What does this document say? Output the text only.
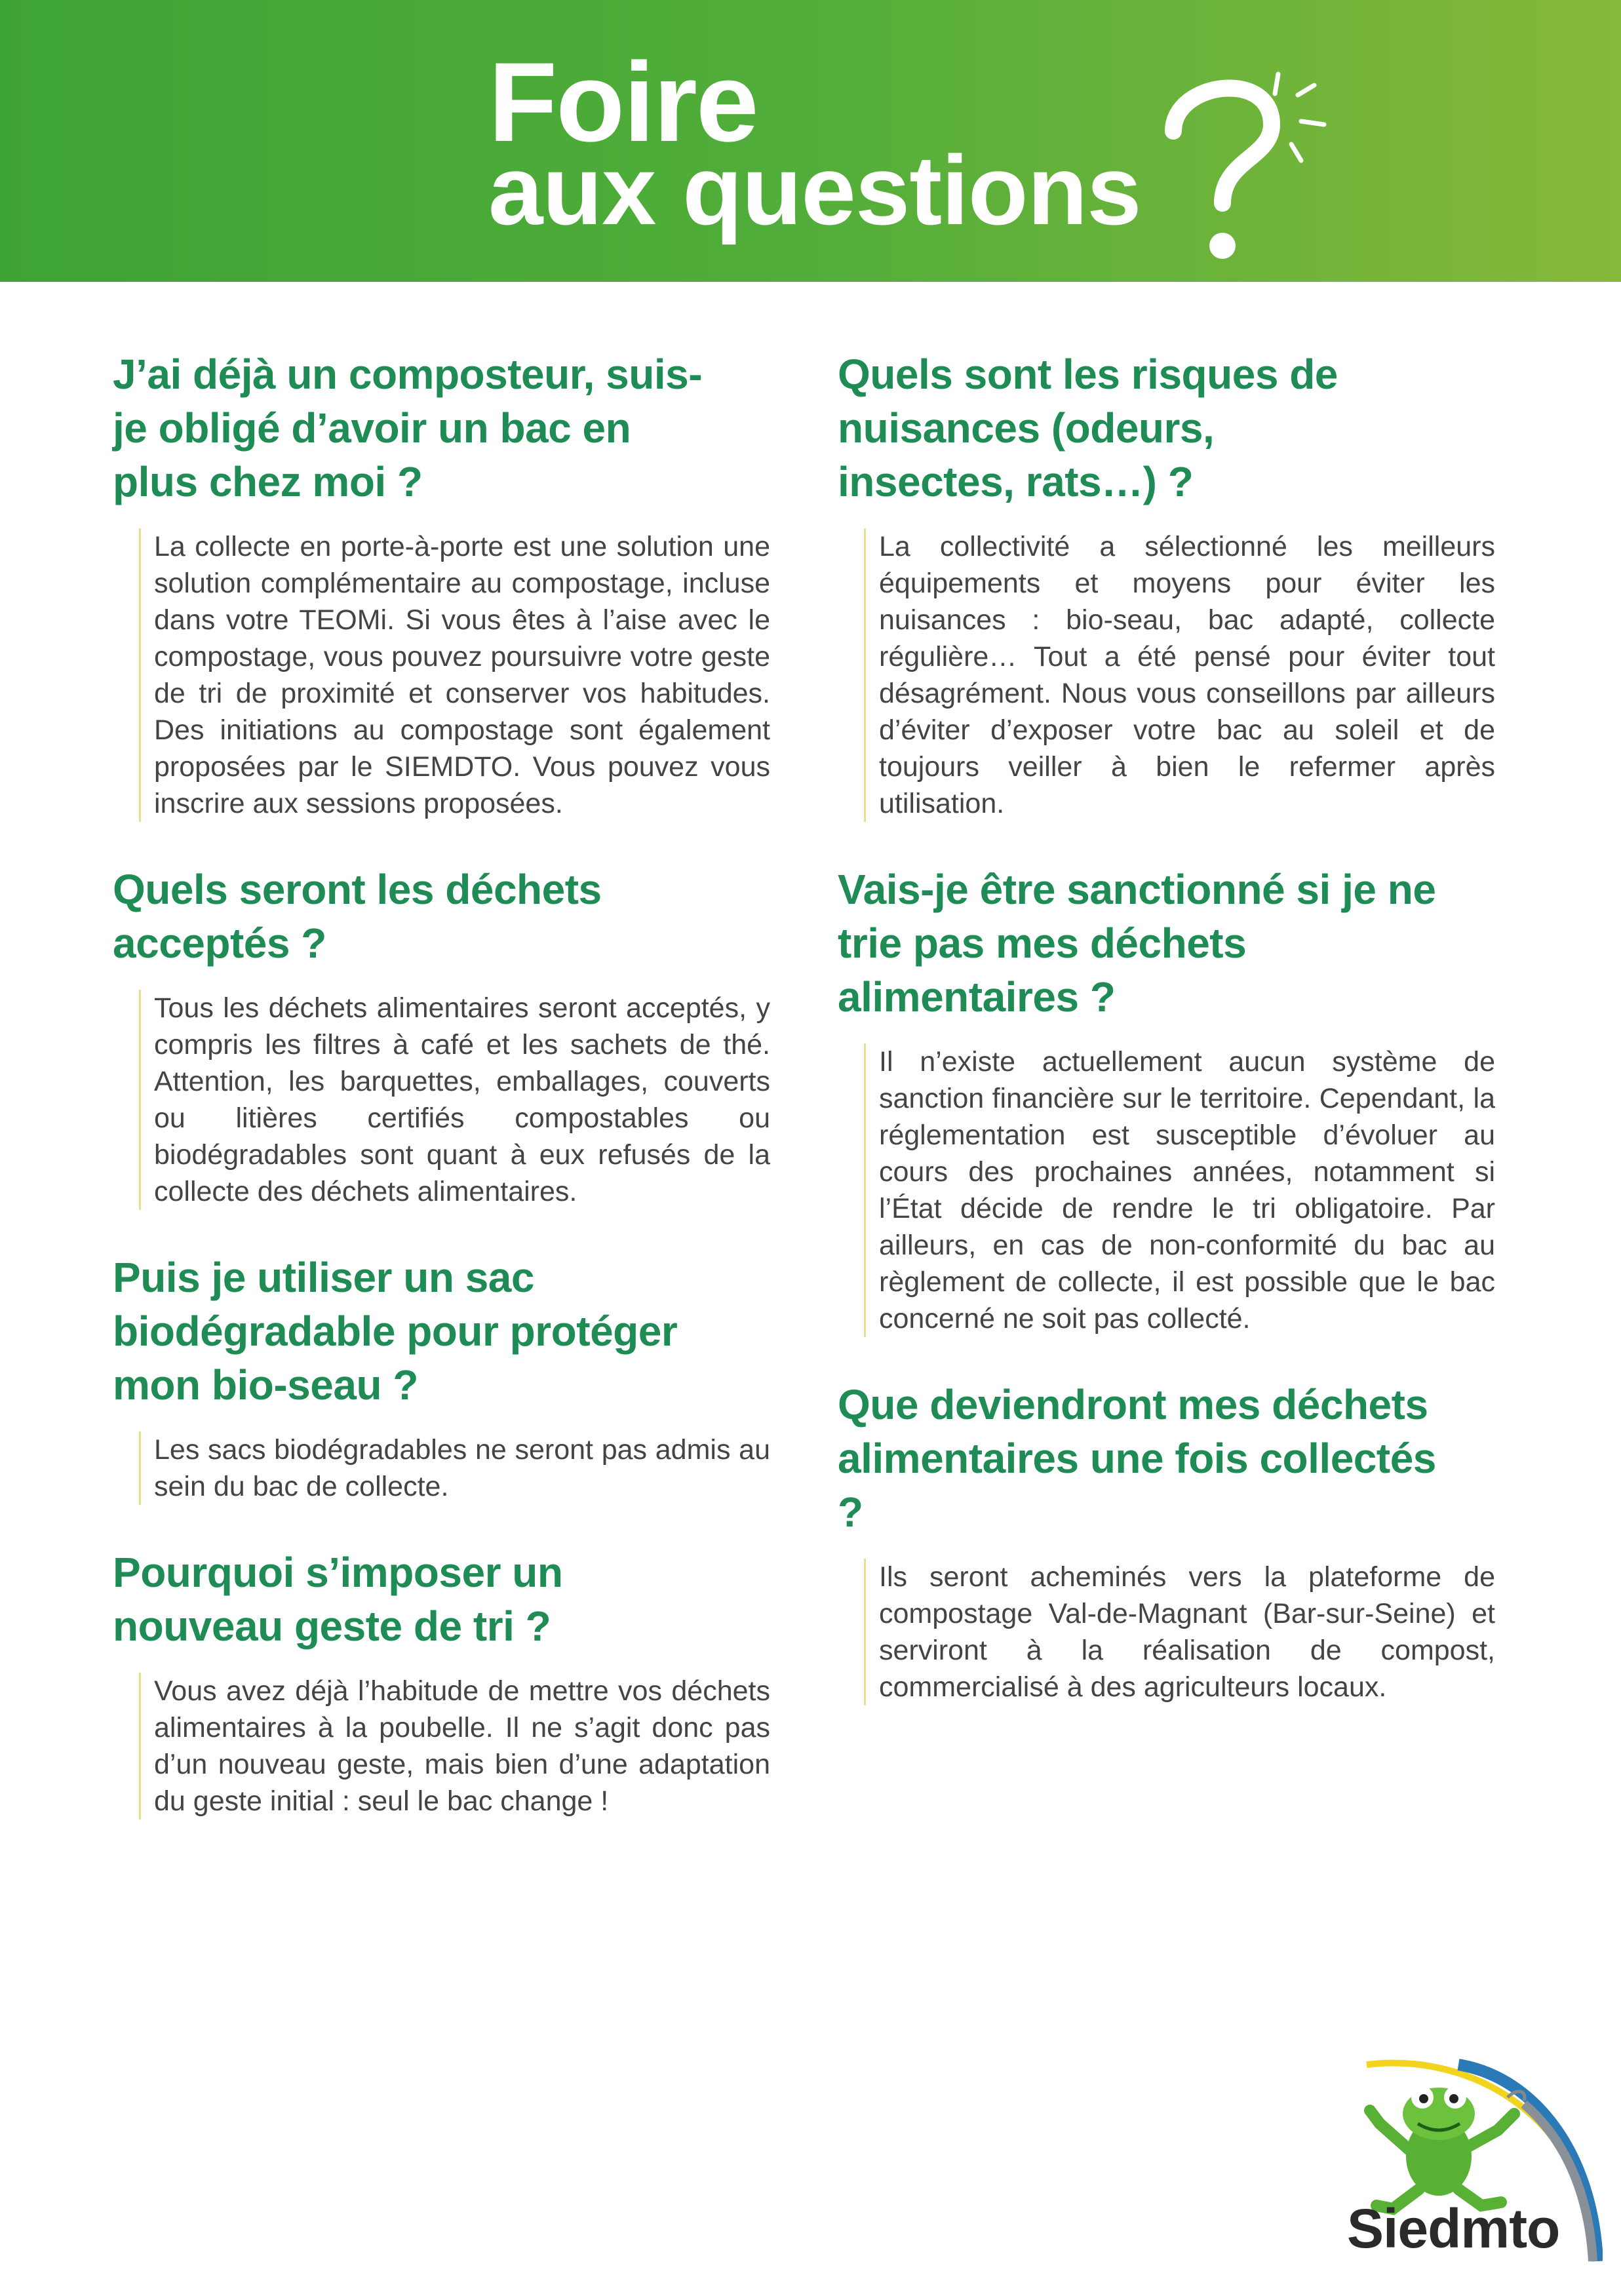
Foire
aux questions
J’ai déjà un composteur, suis-je obligé d’avoir un bac en plus chez moi ?
La collecte en porte-à-porte est une solution une solution complémentaire au compostage, incluse dans votre TEOMi. Si vous êtes à l’aise avec le compostage, vous pouvez poursuivre votre geste de tri de proximité et conserver vos habitudes. Des initiations au compostage sont également proposées par le SIEMDTO. Vous pouvez vous inscrire aux sessions proposées.
Quels seront les déchets acceptés ?
Tous les déchets alimentaires seront acceptés, y compris les filtres à café et les sachets de thé. Attention, les barquettes, emballages, couverts ou litières certifiés compostables ou biodégradables sont quant à eux refusés de la collecte des déchets alimentaires.
Puis je utiliser un sac biodégradable pour protéger mon bio-seau ?
Les sacs biodégradables ne seront pas admis au sein du bac de collecte.
Pourquoi s’imposer un nouveau geste de tri ?
Vous avez déjà l’habitude de mettre vos déchets alimentaires à la poubelle. Il ne s’agit donc pas d’un nouveau geste, mais bien d’une adaptation du geste initial : seul le bac change !
Quels sont les risques de nuisances (odeurs, insectes, rats…) ?
La collectivité a sélectionné les meilleurs équipements et moyens pour éviter les nuisances : bio-seau, bac adapté, collecte régulière… Tout a été pensé pour éviter tout désagrément. Nous vous conseillons par ailleurs d’éviter d’exposer votre bac au soleil et de toujours veiller à bien le refermer après utilisation.
Vais-je être sanctionné si je ne trie pas mes déchets alimentaires ?
Il n’existe actuellement aucun système de sanction financière sur le territoire. Cependant, la réglementation est susceptible d’évoluer au cours des prochaines années, notamment si l’État décide de rendre le tri obligatoire. Par ailleurs, en cas de non-conformité du bac au règlement de collecte, il est possible que le bac concerné ne soit pas collecté.
Que deviendront mes déchets alimentaires une fois collectés ?
Ils seront acheminés vers la plateforme de compostage Val-de-Magnant (Bar-sur-Seine) et serviront à la réalisation de compost, commercialisé à des agriculteurs locaux.
Siedmto
